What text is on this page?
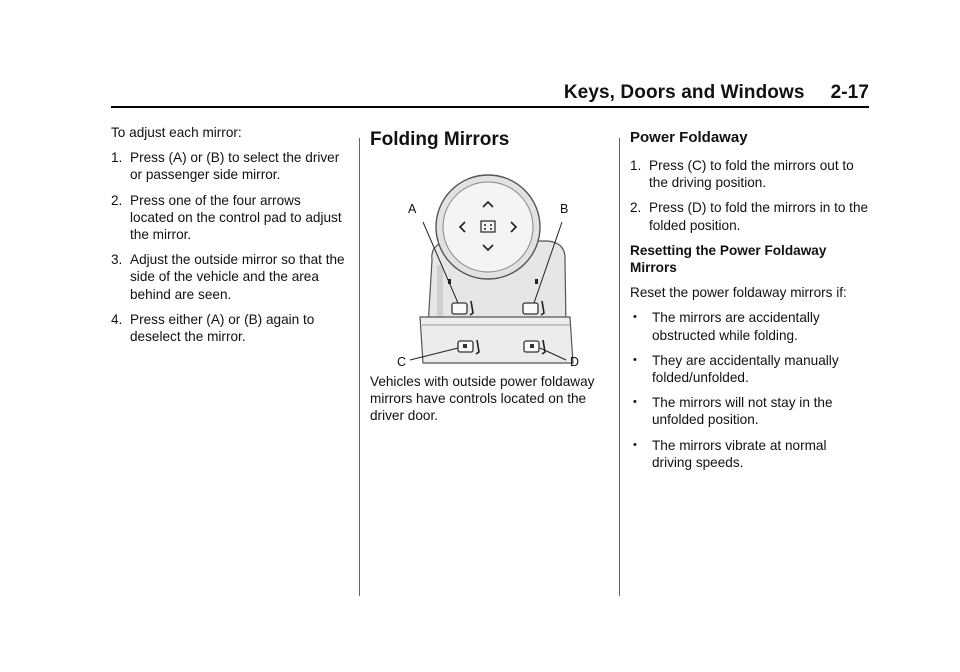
Keys, Doors and Windows 2-17

To adjust each mirror:

1. Press (A) or (B) to select the driver or passenger side mirror.
2. Press one of the four arrows located on the control pad to adjust the mirror.
3. Adjust the outside mirror so that the side of the vehicle and the area behind are seen.
4. Press either (A) or (B) again to deselect the mirror.
Folding Mirrors
A	B
C	D

Vehicles with outside power foldaway mirrors have controls located on the driver door.

Power Foldaway
1. Press (C) to fold the mirrors out to the driving position.
2. Press (D) to fold the mirrors in to the folded position.

Resetting the Power Foldaway Mirrors

Reset the power foldaway mirrors if:

• The mirrors are accidentally obstructed while folding.
• They are accidentally manually folded/unfolded.
• The mirrors will not stay in the unfolded position.
• The mirrors vibrate at normal driving speeds.
